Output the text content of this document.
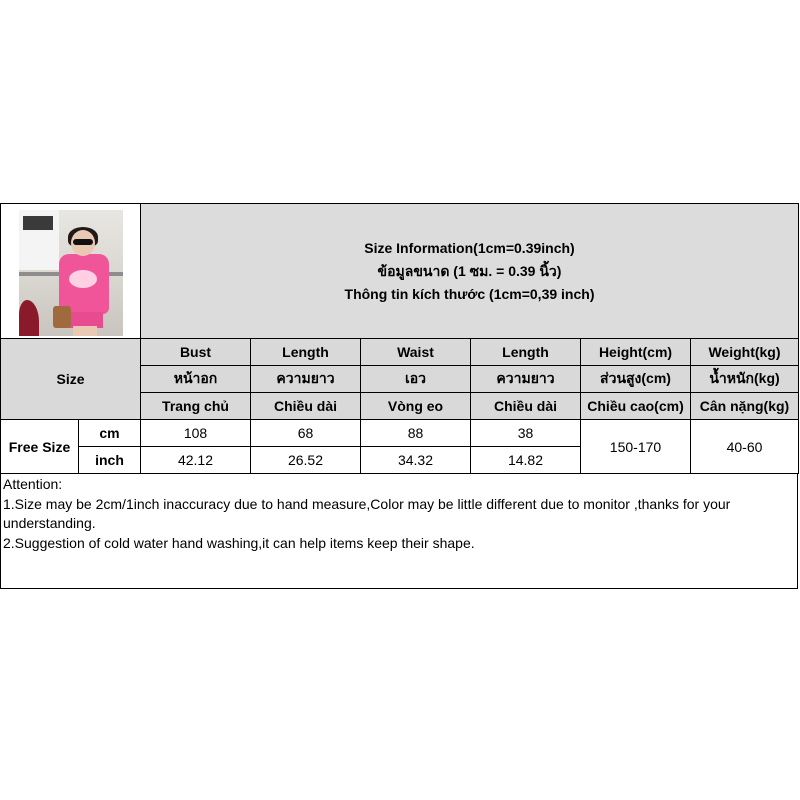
		Size Information(1cm=0.39inch)
ข้อมูลขนาด (1 ซม. = 0.39 นิ้ว)
Thông tin kích thước (1cm=0,39 inch)					

Size		Bust	Length	Waist	Length	Height(cm)	Weight(kg)
		หน้าอก	ความยาว	เอว	ความยาว	ส่วนสูง(cm)	น้ำหนัก(kg)
		Trang chủ	Chiều dài	Vòng eo	Chiều dài	Chiều cao(cm)	Cân nặng(kg)
Free Size	cm	108	68	88	38	150-170	40-60
	inch	42.12	26.52	34.32	14.82		
Attention:
1.Size may be 2cm/1inch inaccuracy due to hand measure,Color may be little different due to monitor ,thanks for your
understanding.
2.Suggestion of cold water hand washing,it can help items keep their shape.
